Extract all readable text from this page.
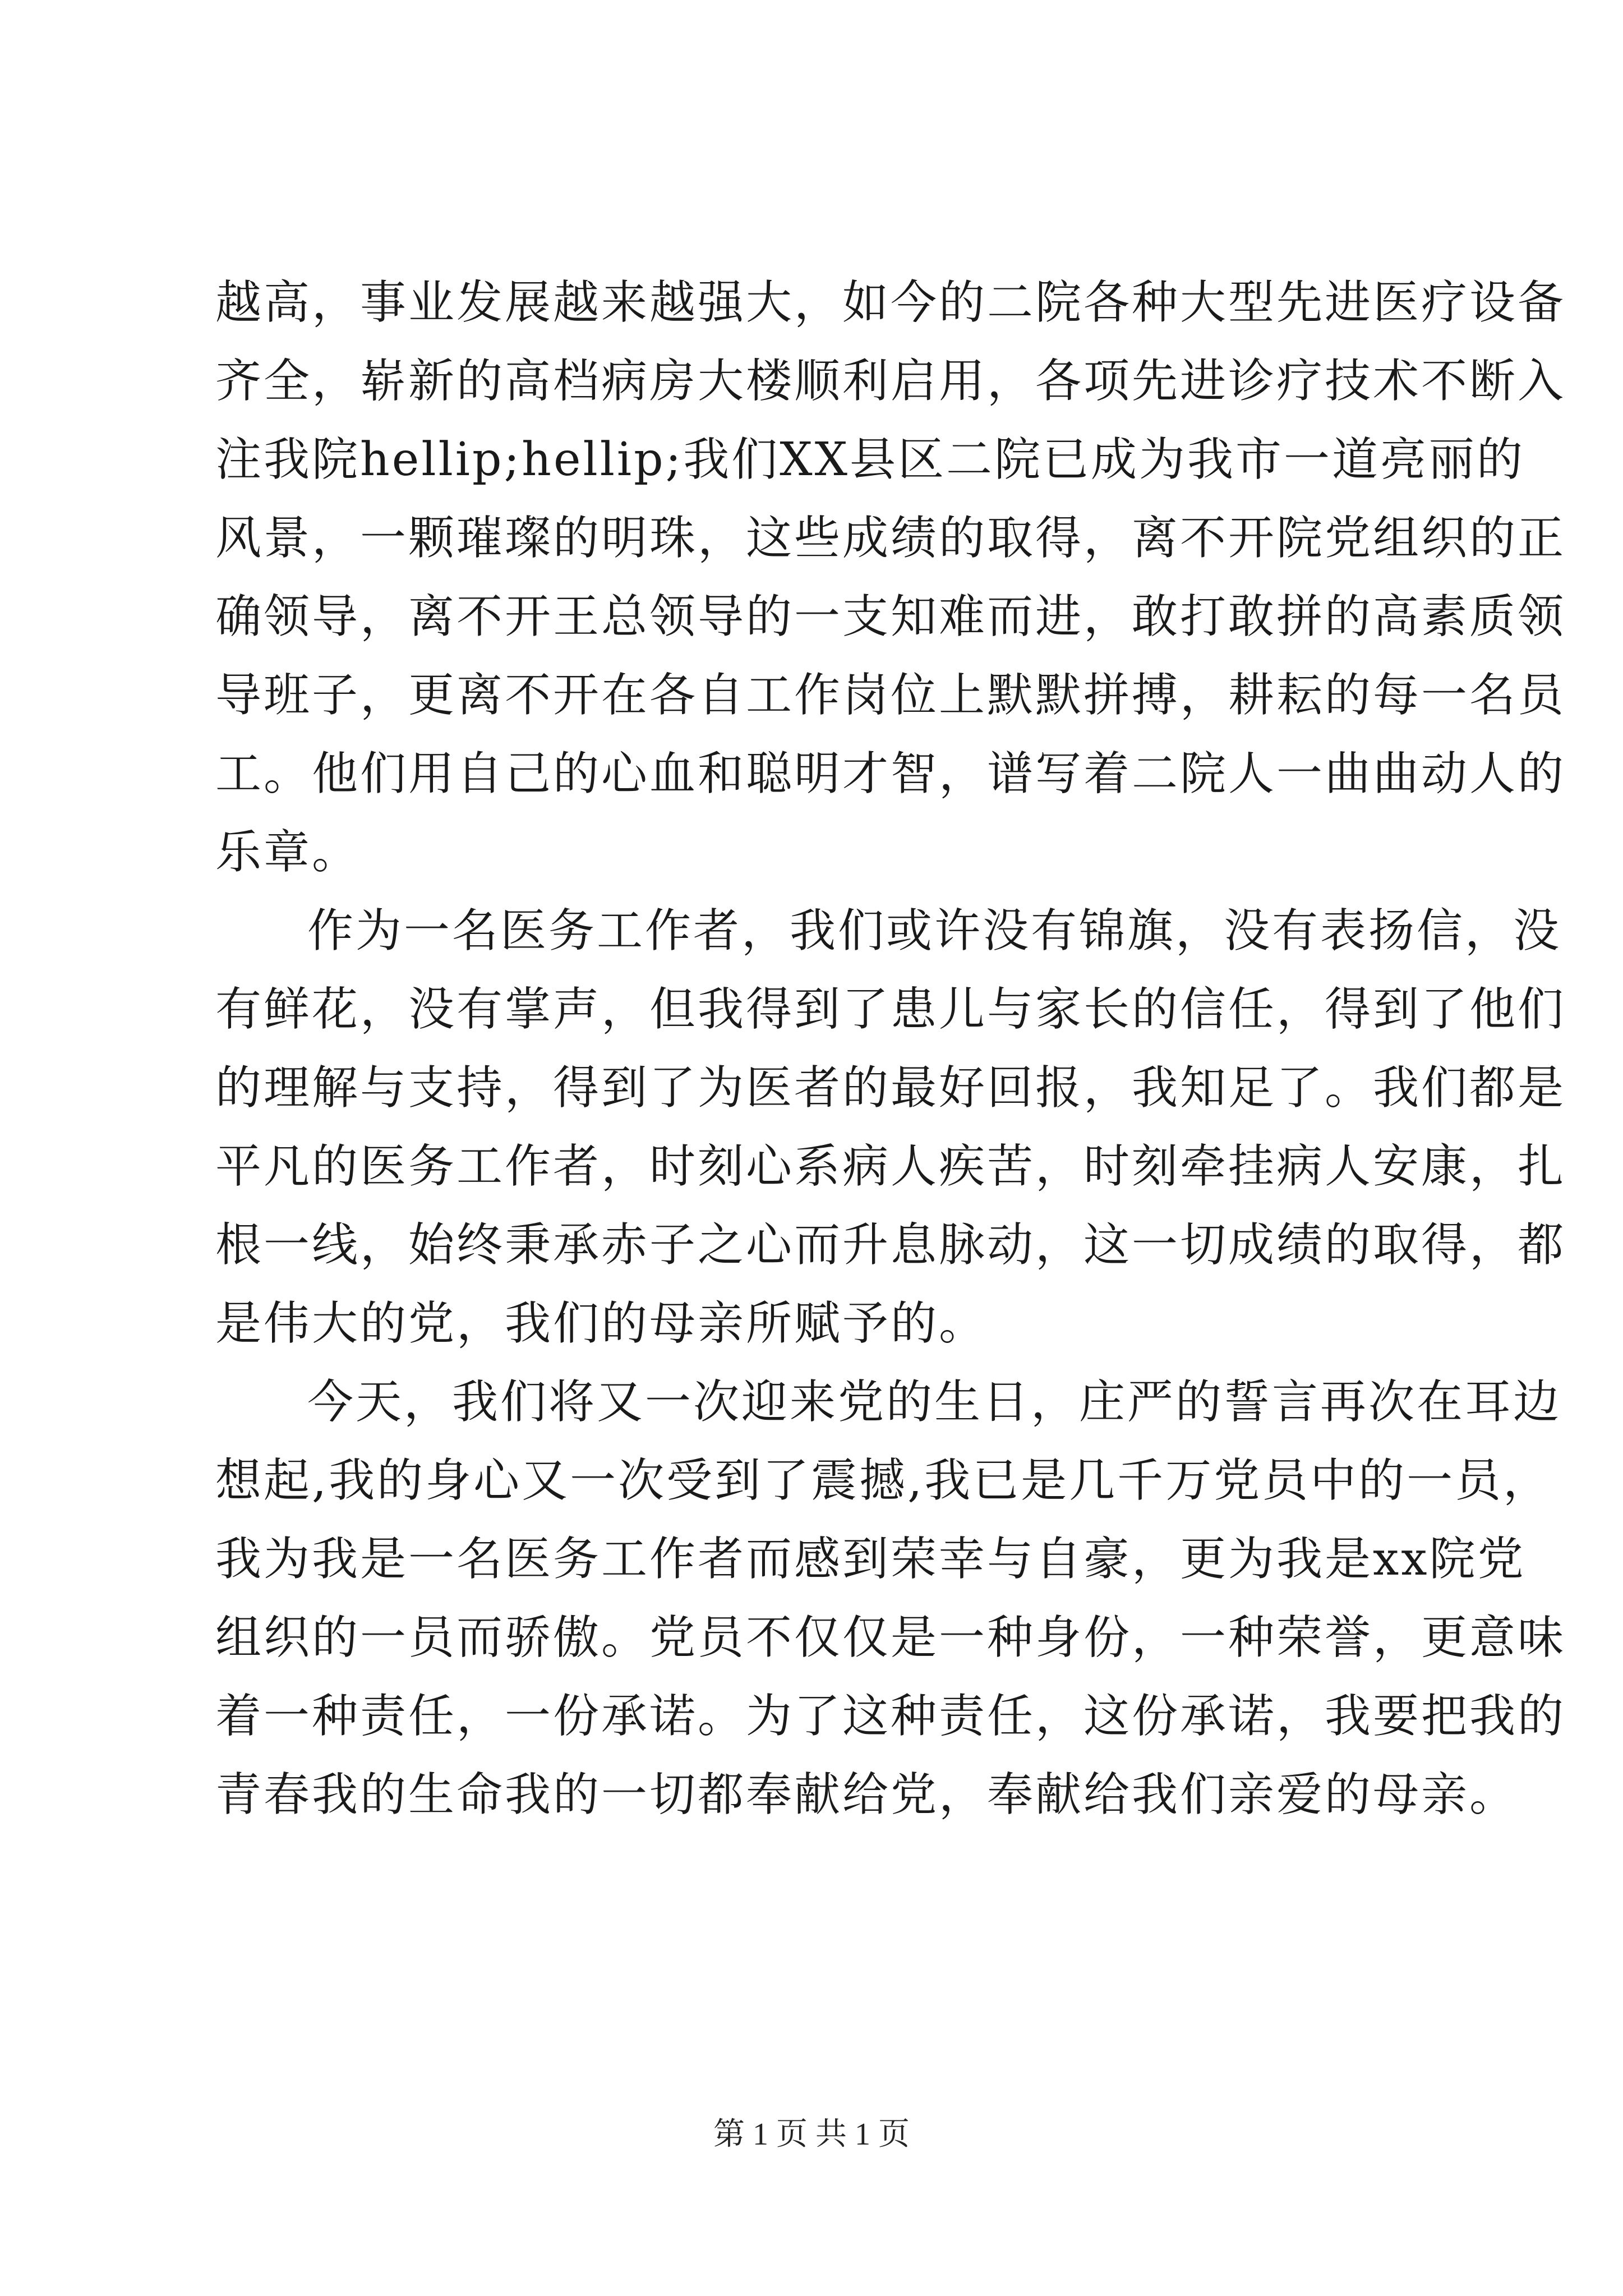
越高，事业发展越来越强大，如今的二院各种大型先进医疗设备
齐全，崭新的高档病房大楼顺利启用，各项先进诊疗技术不断入
注我院hellip;hellip;我们XX县区二院已成为我市一道亮丽的
风景，一颗璀璨的明珠，这些成绩的取得，离不开院党组织的正
确领导，离不开王总领导的一支知难而进，敢打敢拼的高素质领
导班子，更离不开在各自工作岗位上默默拼搏，耕耘的每一名员
工。他们用自己的心血和聪明才智，谱写着二院人一曲曲动人的
乐章。
作为一名医务工作者，我们或许没有锦旗，没有表扬信，没
有鲜花，没有掌声，但我得到了患儿与家长的信任，得到了他们
的理解与支持，得到了为医者的最好回报，我知足了。我们都是
平凡的医务工作者，时刻心系病人疾苦，时刻牵挂病人安康，扎
根一线，始终秉承赤子之心而升息脉动，这一切成绩的取得，都
是伟大的党，我们的母亲所赋予的。
今天，我们将又一次迎来党的生日，庄严的誓言再次在耳边
想起,我的身心又一次受到了震撼,我已是几千万党员中的一员，
我为我是一名医务工作者而感到荣幸与自豪，更为我是xx院党
组织的一员而骄傲。党员不仅仅是一种身份，一种荣誉，更意味
着一种责任，一份承诺。为了这种责任，这份承诺，我要把我的
青春我的生命我的一切都奉献给党，奉献给我们亲爱的母亲。
第 1 页 共 1 页
